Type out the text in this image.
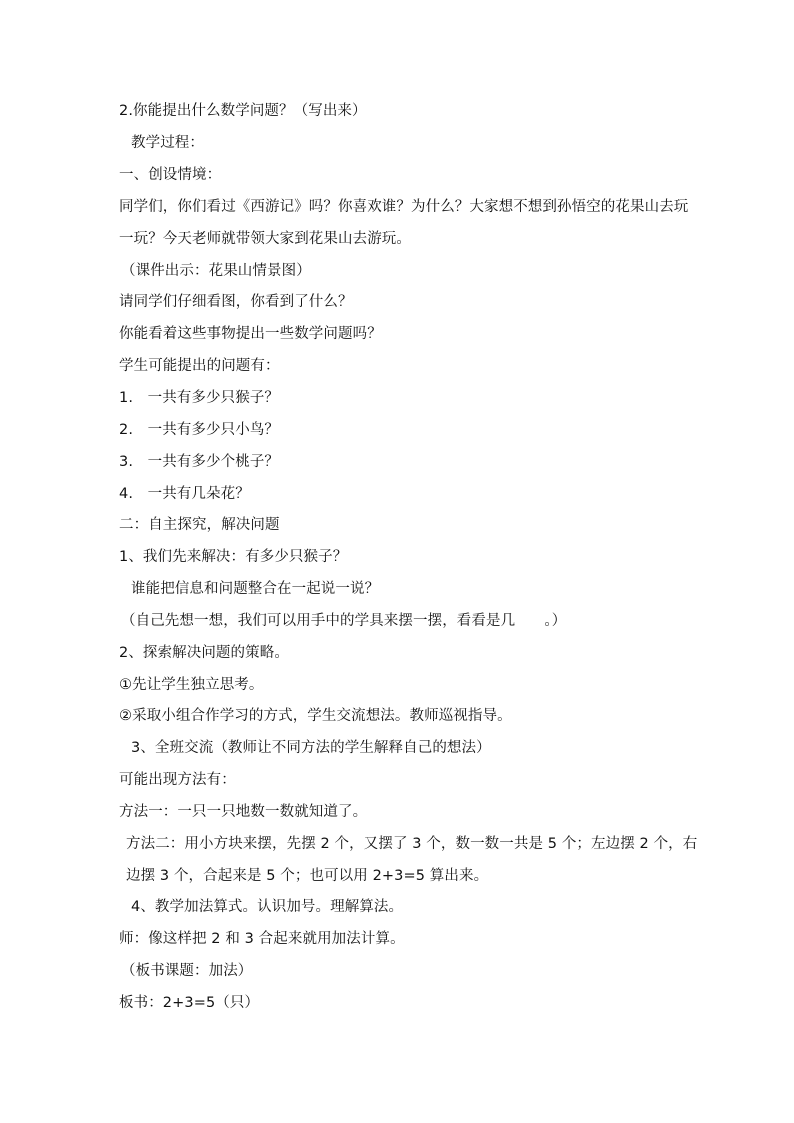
2.你能提出什么数学问题？（写出来）
教学过程：
一、创设情境：
同学们，你们看过《西游记》吗？你喜欢谁？为什么？大家想不想到孙悟空的花果山去玩
一玩？今天老师就带领大家到花果山去游玩。
（课件出示：花果山情景图）
请同学们仔细看图，你看到了什么？
你能看着这些事物提出一些数学问题吗？
学生可能提出的问题有：
1.　一共有多少只猴子？
2.　一共有多少只小鸟？
3.　一共有多少个桃子？
4.　一共有几朵花？
二：自主探究，解决问题
1、我们先来解决：有多少只猴子？
谁能把信息和问题整合在一起说一说？
（自己先想一想，我们可以用手中的学具来摆一摆，看看是几　　。）
2、探索解决问题的策略。
①先让学生独立思考。
②采取小组合作学习的方式，学生交流想法。教师巡视指导。
3、全班交流（教师让不同方法的学生解释自己的想法）
可能出现方法有：
方法一：一只一只地数一数就知道了。
方法二：用小方块来摆，先摆 2 个，又摆了 3 个，数一数一共是 5 个；左边摆 2 个，右
边摆 3 个，合起来是 5 个；也可以用 2+3=5 算出来。
4、教学加法算式。认识加号。理解算法。
师：像这样把 2 和 3 合起来就用加法计算。
（板书课题：加法）
板书：2+3=5（只）
